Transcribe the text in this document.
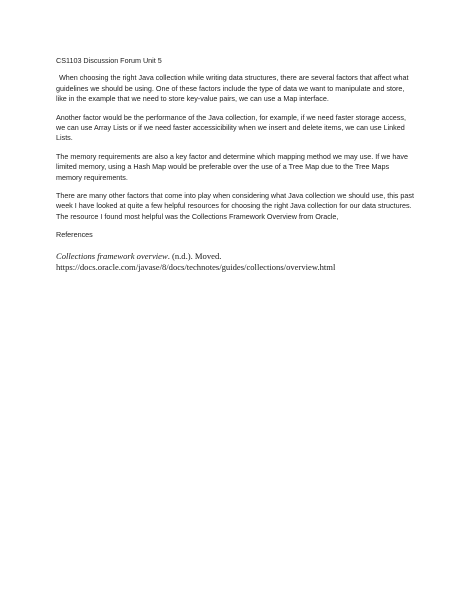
CS1103 Discussion Forum Unit 5

When choosing the right Java collection while writing data structures, there are several factors that affect what guidelines we should be using. One of these factors include the type of data we want to manipulate and store, like in the example that we need to store key-value pairs, we can use a Map interface.

Another factor would be the performance of the Java collection, for example, if we need faster storage access, we can use Array Lists or if we need faster accessicibility when we insert and delete items, we can use Linked Lists.

The memory requirements are also a key factor and determine which mapping method we may use. If we have limited memory, using a Hash Map would be preferable over the use of a Tree Map due to the Tree Maps memory requirements.

There are many other factors that come into play when considering what Java collection we should use, this past week I have looked at quite a few helpful resources for choosing the right Java collection for our data structures. The resource I found most helpful was the Collections Framework Overview from Oracle,

References
Collections framework overview. (n.d.). Moved.
https://docs.oracle.com/javase/8/docs/technotes/guides/collections/overview.html
